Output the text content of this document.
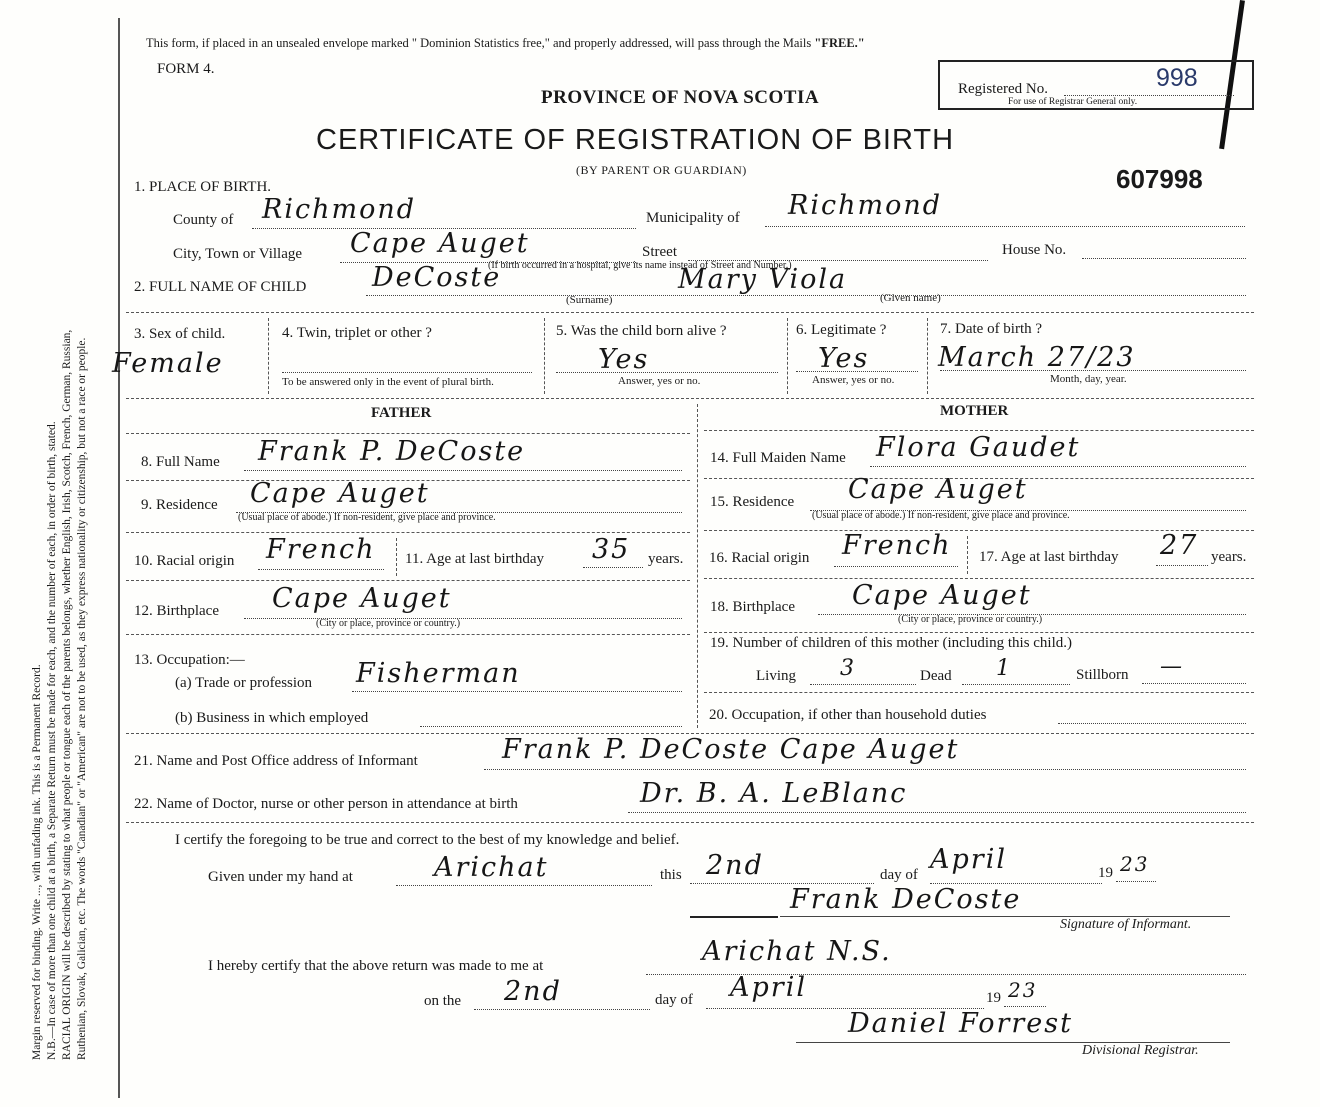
Margin reserved for binding. Write ..., with unfading ink. This is a Permanent Record. N.B.—In case of more than one child at a birth, a Separate Return must be made for each, and the number of each, in order of birth, stated. RACIAL ORIGIN will be described by stating to what people or tongue each of the parents belongs, whether English, Irish, Scotch, French, German, Russian, Ruthenian, Slovak, Galician, etc. The words "Canadian" or "American" are not to be used, as they express nationality or citizenship, but not a race or people.
This form, if placed in an unsealed envelope marked " Dominion Statistics free," and properly addressed, will pass through the Mails "FREE."
FORM 4.
PROVINCE OF NOVA SCOTIA
CERTIFICATE OF REGISTRATION OF BIRTH
(BY PARENT OR GUARDIAN)
Registered No.	998
For use of Registrar General only.
607998
1. PLACE OF BIRTH.
County of Richmond	Municipality of Richmond
City, Town or Village Cape Auget	Street	House No.
(If birth occurred in a hospital, give its name instead of Street and Number.)
2. FULL NAME OF CHILD DeCoste
(Surname)
Mary Viola
(Given name)
3. Sex of child.
Female
4. Twin, triplet or other ?
To be answered only in the event of plural birth.
5. Was the child born alive ?
Yes
Answer, yes or no.
6. Legitimate ?
Yes
Answer, yes or no.
7. Date of birth ?
March 27/23
Month, day, year.
FATHER	MOTHER
8. Full Name Frank P. DeCoste
9. Residence Cape Auget
(Usual place of abode.) If non-resident, give place and province.
10. Racial origin French 11. Age at last birthday 35 years.
12. Birthplace Cape Auget
(City or place, province or country.)
13. Occupation:—
(a) Trade or profession Fisherman
(b) Business in which employed
14. Full Maiden Name Flora Gaudet
15. Residence Cape Auget
(Usual place of abode.) If non-resident, give place and province.
16. Racial origin French 17. Age at last birthday 27 years.
18. Birthplace Cape Auget
(City or place, province or country.)
19. Number of children of this mother (including this child.)
Living 3	Dead 1	Stillborn —
20. Occupation, if other than household duties
21. Name and Post Office address of Informant	Frank P. DeCoste Cape Auget
22. Name of Doctor, nurse or other person in attendance at birth	Dr. B. A. LeBlanc
I certify the foregoing to be true and correct to the best of my knowledge and belief.
Given under my hand at	Arichat	this 2nd	day of April	19 23
Frank DeCoste
Signature of Informant.
I hereby certify that the above return was made to me at	Arichat N.S.
on the 2nd	day of April	19 23
Daniel Forrest
Divisional Registrar.
